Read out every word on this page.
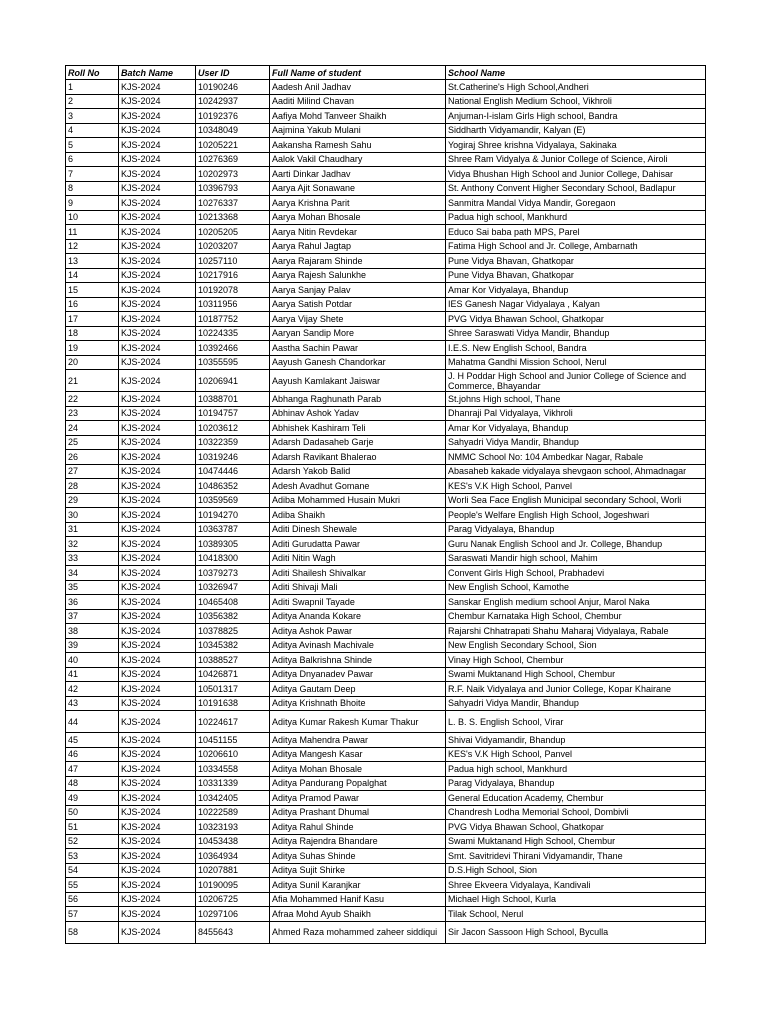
Roll No	Batch Name	User ID	Full Name of student	School Name
1	KJS-2024	10190246	Aadesh Anil Jadhav	St.Catherine's High School,Andheri
2	KJS-2024	10242937	Aaditi Milind Chavan	National English Medium School, Vikhroli
3	KJS-2024	10192376	Aafiya Mohd Tanveer Shaikh	Anjuman-I-islam Girls High school, Bandra
4	KJS-2024	10348049	Aajmina Yakub Mulani	Siddharth Vidyamandir, Kalyan (E)
5	KJS-2024	10205221	Aakansha Ramesh Sahu	Yogiraj Shree krishna Vidyalaya, Sakinaka
6	KJS-2024	10276369	Aalok Vakil Chaudhary	Shree Ram Vidyalya & Junior College of Science, Airoli
7	KJS-2024	10202973	Aarti Dinkar Jadhav	Vidya Bhushan High School and Junior College, Dahisar
8	KJS-2024	10396793	Aarya Ajit Sonawane	St. Anthony Convent Higher Secondary School, Badlapur
9	KJS-2024	10276337	Aarya Krishna Parit	Sanmitra Mandal Vidya Mandir, Goregaon
10	KJS-2024	10213368	Aarya Mohan Bhosale	Padua high school, Mankhurd
11	KJS-2024	10205205	Aarya Nitin Revdekar	Educo Sai baba path MPS, Parel
12	KJS-2024	10203207	Aarya Rahul Jagtap	Fatima High School and Jr. College, Ambarnath
13	KJS-2024	10257110	Aarya Rajaram Shinde	Pune Vidya Bhavan, Ghatkopar
14	KJS-2024	10217916	Aarya Rajesh Salunkhe	Pune Vidya Bhavan, Ghatkopar
15	KJS-2024	10192078	Aarya Sanjay Palav	Amar Kor Vidyalaya, Bhandup
16	KJS-2024	10311956	Aarya Satish Potdar	IES Ganesh Nagar Vidyalaya , Kalyan
17	KJS-2024	10187752	Aarya Vijay Shete	PVG Vidya Bhawan School, Ghatkopar
18	KJS-2024	10224335	Aaryan Sandip More	Shree Saraswati Vidya Mandir, Bhandup
19	KJS-2024	10392466	Aastha Sachin Pawar	I.E.S. New English School, Bandra
20	KJS-2024	10355595	Aayush Ganesh Chandorkar	Mahatma Gandhi Mission School, Nerul
21	KJS-2024	10206941	Aayush Kamlakant Jaiswar	J. H Poddar High School and Junior College of Science and Commerce, Bhayandar
22	KJS-2024	10388701	Abhanga Raghunath Parab	St.johns High school, Thane
23	KJS-2024	10194757	Abhinav Ashok Yadav	Dhanraji Pal Vidyalaya, Vikhroli
24	KJS-2024	10203612	Abhishek Kashiram Teli	Amar Kor Vidyalaya, Bhandup
25	KJS-2024	10322359	Adarsh Dadasaheb Garje	Sahyadri Vidya Mandir, Bhandup
26	KJS-2024	10319246	Adarsh Ravikant Bhalerao	NMMC School No: 104 Ambedkar Nagar, Rabale
27	KJS-2024	10474446	Adarsh Yakob Balid	Abasaheb kakade vidyalaya shevgaon school, Ahmadnagar
28	KJS-2024	10486352	Adesh Avadhut Gomane	KES's V.K High School, Panvel
29	KJS-2024	10359569	Adiba Mohammed Husain Mukri	Worli Sea Face English Municipal secondary School, Worli
30	KJS-2024	10194270	Adiba Shaikh	People's Welfare English High School, Jogeshwari
31	KJS-2024	10363787	Aditi Dinesh Shewale	Parag Vidyalaya, Bhandup
32	KJS-2024	10389305	Aditi Gurudatta Pawar	Guru Nanak English School and Jr. College, Bhandup
33	KJS-2024	10418300	Aditi Nitin Wagh	Saraswati Mandir high school, Mahim
34	KJS-2024	10379273	Aditi Shailesh Shivalkar	Convent Girls High School, Prabhadevi
35	KJS-2024	10326947	Aditi Shivaji Mali	New English School, Kamothe
36	KJS-2024	10465408	Aditi Swapnil Tayade	Sanskar English medium school Anjur, Marol Naka
37	KJS-2024	10356382	Aditya Ananda Kokare	Chembur Karnataka High School, Chembur
38	KJS-2024	10378825	Aditya Ashok Pawar	Rajarshi Chhatrapati Shahu Maharaj Vidyalaya, Rabale
39	KJS-2024	10345382	Aditya Avinash Machivale	New English Secondary School, Sion
40	KJS-2024	10388527	Aditya Balkrishna Shinde	Vinay High School, Chembur
41	KJS-2024	10426871	Aditya Dnyanadev Pawar	Swami Muktanand High School, Chembur
42	KJS-2024	10501317	Aditya Gautam Deep	R.F. Naik Vidyalaya and Junior College, Kopar Khairane
43	KJS-2024	10191638	Aditya Krishnath Bhoite	Sahyadri Vidya Mandir, Bhandup
44	KJS-2024	10224617	Aditya Kumar Rakesh Kumar Thakur	L. B. S. English School, Virar
45	KJS-2024	10451155	Aditya Mahendra Pawar	Shivai Vidyamandir, Bhandup
46	KJS-2024	10206610	Aditya Mangesh Kasar	KES's V.K High School, Panvel
47	KJS-2024	10334558	Aditya Mohan Bhosale	Padua high school, Mankhurd
48	KJS-2024	10331339	Aditya Pandurang Popalghat	Parag Vidyalaya, Bhandup
49	KJS-2024	10342405	Aditya Pramod Pawar	General Education Academy, Chembur
50	KJS-2024	10222589	Aditya Prashant Dhumal	Chandresh Lodha Memorial School, Dombivli
51	KJS-2024	10323193	Aditya Rahul Shinde	PVG Vidya Bhawan School, Ghatkopar
52	KJS-2024	10453438	Aditya Rajendra Bhandare	Swami Muktanand High School, Chembur
53	KJS-2024	10364934	Aditya Suhas Shinde	Smt. Savitridevi Thirani Vidyamandir, Thane
54	KJS-2024	10207881	Aditya Sujit Shirke	D.S.High School, Sion
55	KJS-2024	10190095	Aditya Sunil Karanjkar	Shree Ekveera Vidyalaya, Kandivali
56	KJS-2024	10206725	Afia Mohammed Hanif Kasu	Michael High School, Kurla
57	KJS-2024	10297106	Afraa Mohd Ayub Shaikh	Tilak School, Nerul
58	KJS-2024	8455643	Ahmed Raza mohammed zaheer siddiqui	Sir Jacon Sassoon High School, Byculla
